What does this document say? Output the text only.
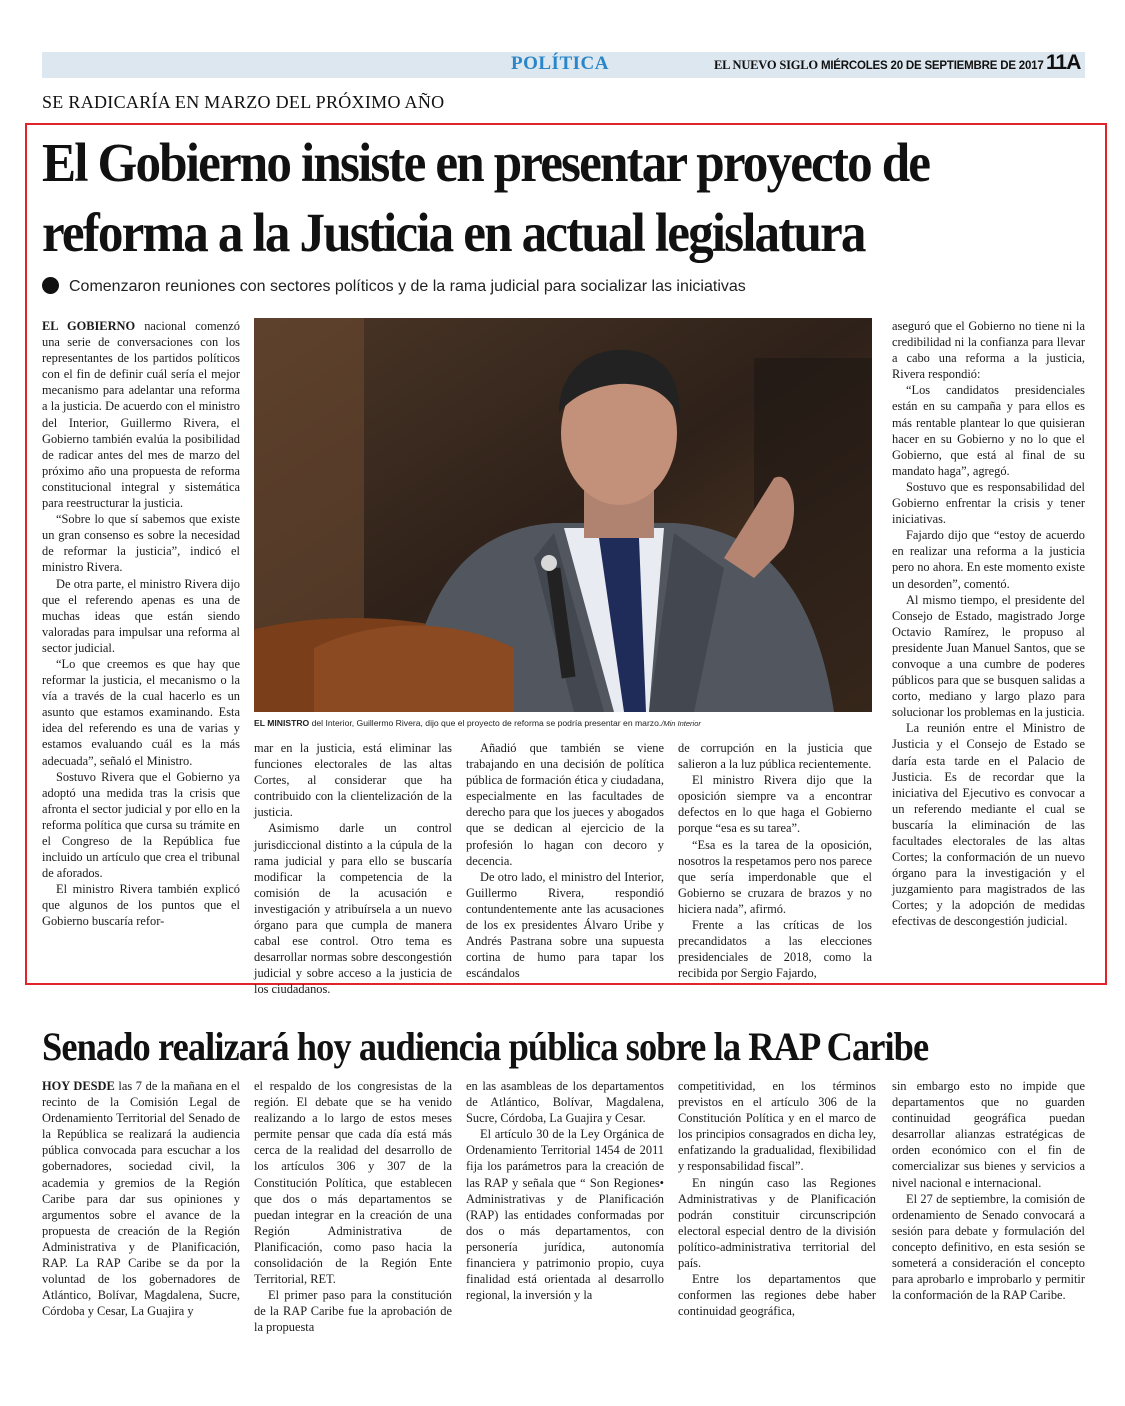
POLÍTICA	EL NUEVO SIGLO MIÉRCOLES 20 DE SEPTIEMBRE DE 2017 11A
SE RADICARÍA EN MARZO DEL PRÓXIMO AÑO
El Gobierno insiste en presentar proyecto de
reforma a la Justicia en actual legislatura
Comenzaron reuniones con sectores políticos y de la rama judicial para socializar las iniciativas

EL GOBIERNO nacional comenzó una serie de conversaciones con los representantes de los partidos políticos con el fin de definir cuál sería el mejor mecanismo para adelantar una reforma a la justicia. De acuerdo con el ministro del Interior, Guillermo Rivera, el Gobierno también evalúa la posibilidad de radicar antes del mes de marzo del próximo año una propuesta de reforma constitucional integral y sistemática para reestructurar la justicia.

“Sobre lo que sí sabemos que existe un gran consenso es sobre la necesidad de reformar la justicia”, indicó el ministro Rivera.

De otra parte, el ministro Rivera dijo que el referendo apenas es una de muchas ideas que están siendo valoradas para impulsar una reforma al sector judicial.

“Lo que creemos es que hay que reformar la justicia, el mecanismo o la vía a través de la cual hacerlo es un asunto que estamos examinando. Esta idea del referendo es una de varias y estamos evaluando cuál es la más adecuada”, señaló el Ministro.

Sostuvo Rivera que el Gobierno ya adoptó una medida tras la crisis que afronta el sector judicial y por ello en la reforma política que cursa su trámite en el Congreso de la República fue incluido un artículo que crea el tribunal de aforados.

El ministro Rivera también explicó que algunos de los puntos que el Gobierno buscaría refor-

EL MINISTRO del Interior, Guillermo Rivera, dijo que el proyecto de reforma se podría presentar en marzo./Min Interior

mar en la justicia, está eliminar las funciones electorales de las altas Cortes, al considerar que ha contribuido con la clientelización de la justicia.

Asimismo darle un control jurisdiccional distinto a la cúpula de la rama judicial y para ello se buscaría modificar la competencia de la comisión de la acusación e investigación y atribuírsela a un nuevo órgano para que cumpla de manera cabal ese control. Otro tema es desarrollar normas sobre descongestión judicial y sobre acceso a la justicia de los ciudadanos.

Añadió que también se viene trabajando en una decisión de política pública de formación ética y ciudadana, especialmente en las facultades de derecho para que los jueces y abogados que se dedican al ejercicio de la profesión lo hagan con decoro y decencia.

De otro lado, el ministro del Interior, Guillermo Rivera, respondió contundentemente ante las acusaciones de los ex presidentes Álvaro Uribe y Andrés Pastrana sobre una supuesta cortina de humo para tapar los escándalos

de corrupción en la justicia que salieron a la luz pública recientemente.

El ministro Rivera dijo que la oposición siempre va a encontrar defectos en lo que haga el Gobierno porque “esa es su tarea”.

“Esa es la tarea de la oposición, nosotros la respetamos pero nos parece que sería imperdonable que el Gobierno se cruzara de brazos y no hiciera nada”, afirmó.

Frente a las críticas de los precandidatos a las elecciones presidenciales de 2018, como la recibida por Sergio Fajardo,

aseguró que el Gobierno no tiene ni la credibilidad ni la confianza para llevar a cabo una reforma a la justicia, Rivera respondió:

“Los candidatos presidenciales están en su campaña y para ellos es más rentable plantear lo que quisieran hacer en su Gobierno y no lo que el Gobierno, que está al final de su mandato haga”, agregó.

Sostuvo que es responsabilidad del Gobierno enfrentar la crisis y tener iniciativas.

Fajardo dijo que “estoy de acuerdo en realizar una reforma a la justicia pero no ahora. En este momento existe un desorden”, comentó.

Al mismo tiempo, el presidente del Consejo de Estado, magistrado Jorge Octavio Ramírez, le propuso al presidente Juan Manuel Santos, que se convoque a una cumbre de poderes públicos para que se busquen salidas a corto, mediano y largo plazo para solucionar los problemas en la justicia.

La reunión entre el Ministro de Justicia y el Consejo de Estado se daría esta tarde en el Palacio de Justicia. Es de recordar que la iniciativa del Ejecutivo es convocar a un referendo mediante el cual se buscaría la eliminación de las facultades electorales de las altas Cortes; la conformación de un nuevo órgano para la investigación y el juzgamiento para magistrados de las Cortes; y la adopción de medidas efectivas de descongestión judicial.

Senado realizará hoy audiencia pública sobre la RAP Caribe

HOY DESDE las 7 de la mañana en el recinto de la Comisión Legal de Ordenamiento Territorial del Senado de la República se realizará la audiencia pública convocada para escuchar a los gobernadores, sociedad civil, la academia y gremios de la Región Caribe para dar sus opiniones y argumentos sobre el avance de la propuesta de creación de la Región Administrativa y de Planificación, RAP. La RAP Caribe se da por la voluntad de los gobernadores de Atlántico, Bolívar, Magdalena, Sucre, Córdoba y Cesar, La Guajira y

el respaldo de los congresistas de la región. El debate que se ha venido realizando a lo largo de estos meses permite pensar que cada día está más cerca de la realidad del desarrollo de los artículos 306 y 307 de la Constitución Política, que establecen que dos o más departamentos se puedan integrar en la creación de una Región Administrativa de Planificación, como paso hacia la consolidación de la Región Ente Territorial, RET.

El primer paso para la constitución de la RAP Caribe fue la aprobación de la propuesta

en las asambleas de los departamentos de Atlántico, Bolívar, Magdalena, Sucre, Córdoba, La Guajira y Cesar.

El artículo 30 de la Ley Orgánica de Ordenamiento Territorial 1454 de 2011 fija los parámetros para la creación de las RAP y señala que “ Son Regiones• Administrativas y de Planificación (RAP) las entidades conformadas por dos o más departamentos, con personería jurídica, autonomía financiera y patrimonio propio, cuya finalidad está orientada al desarrollo regional, la inversión y la

competitividad, en los términos previstos en el artículo 306 de la Constitución Política y en el marco de los principios consagrados en dicha ley, enfatizando la gradualidad, flexibilidad y responsabilidad fiscal”.

En ningún caso las Regiones Administrativas y de Planificación podrán constituir circunscripción electoral especial dentro de la división político-administrativa territorial del país.

Entre los departamentos que conformen las regiones debe haber continuidad geográfica,

sin embargo esto no impide que departamentos que no guarden continuidad geográfica puedan desarrollar alianzas estratégicas de orden económico con el fin de comercializar sus bienes y servicios a nivel nacional e internacional.

El 27 de septiembre, la comisión de ordenamiento de Senado convocará a sesión para debate y formulación del concepto definitivo, en esta sesión se someterá a consideración el concepto para aprobarlo e improbarlo y permitir la conformación de la RAP Caribe.
